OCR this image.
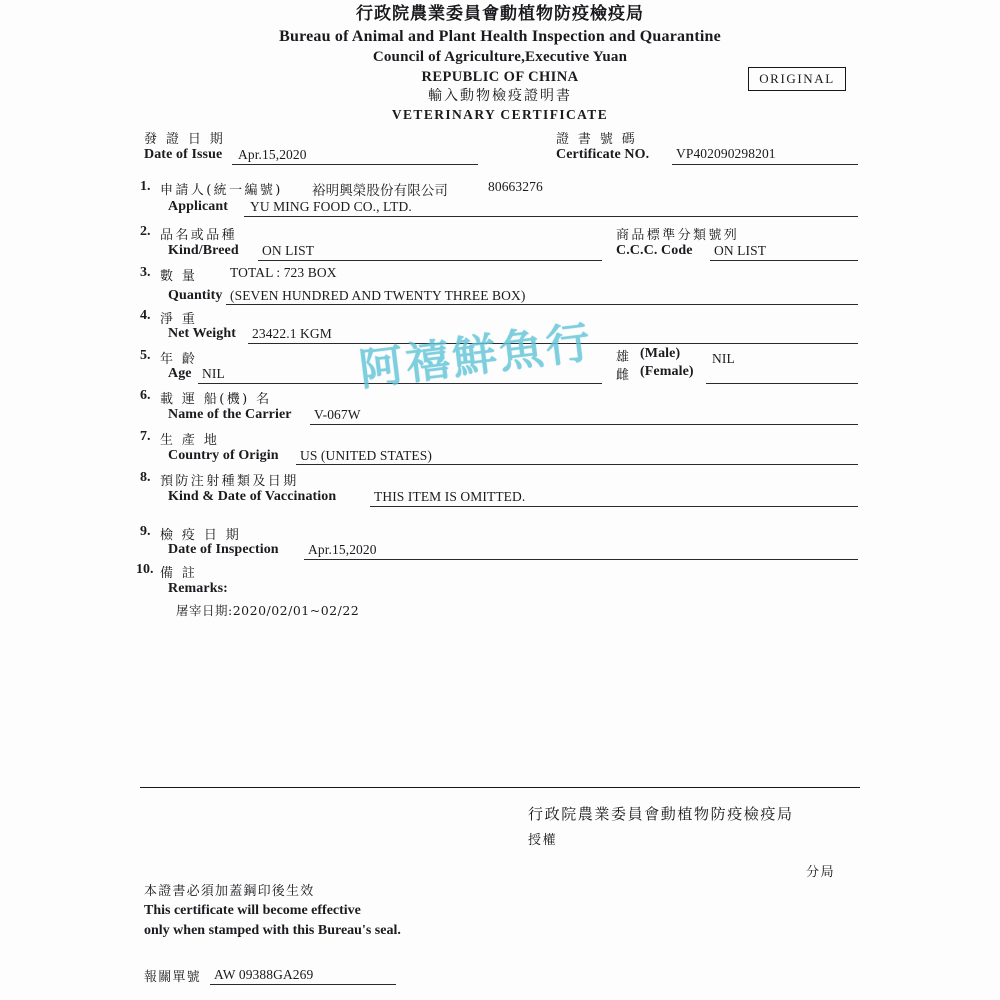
行政院農業委員會動植物防疫檢疫局
Bureau of Animal and Plant Health Inspection and Quarantine
Council of Agriculture,Executive Yuan
REPUBLIC OF CHINA
輸入動物檢疫證明書
VETERINARY CERTIFICATE
ORIGINAL
發 證 日 期
Date of Issue Apr.15,2020
證 書 號 碼
Certificate NO. VP402090298201
1. 申請人(統一編號) 裕明興榮股份有限公司	80663276
Applicant YU MING FOOD CO., LTD.
2. 品名或品種
Kind/Breed ON LIST
商品標準分類號列
C.C.C. Code ON LIST
3. 數 量 TOTAL : 723 BOX
Quantity (SEVEN HUNDRED AND TWENTY THREE BOX)
4. 淨 重
Net Weight 23422.1 KGM
5. 年 齡
Age NIL
雄 (Male)
雌 (Female)
NIL
6. 載 運 船(機) 名
Name of the Carrier V-067W
7. 生 產 地
Country of Origin US (UNITED STATES)
8. 預防注射種類及日期
Kind & Date of Vaccination	THIS ITEM IS OMITTED.
9. 檢 疫 日 期
Date of Inspection Apr.15,2020
10. 備 註
Remarks:
屠宰日期:2020/02/01~02/22
阿禧鮮魚行
行政院農業委員會動植物防疫檢疫局
授權
分局
本證書必須加蓋鋼印後生效
This certificate will become effective
only when stamped with this Bureau's seal.
報關單號 AW 09388GA269
